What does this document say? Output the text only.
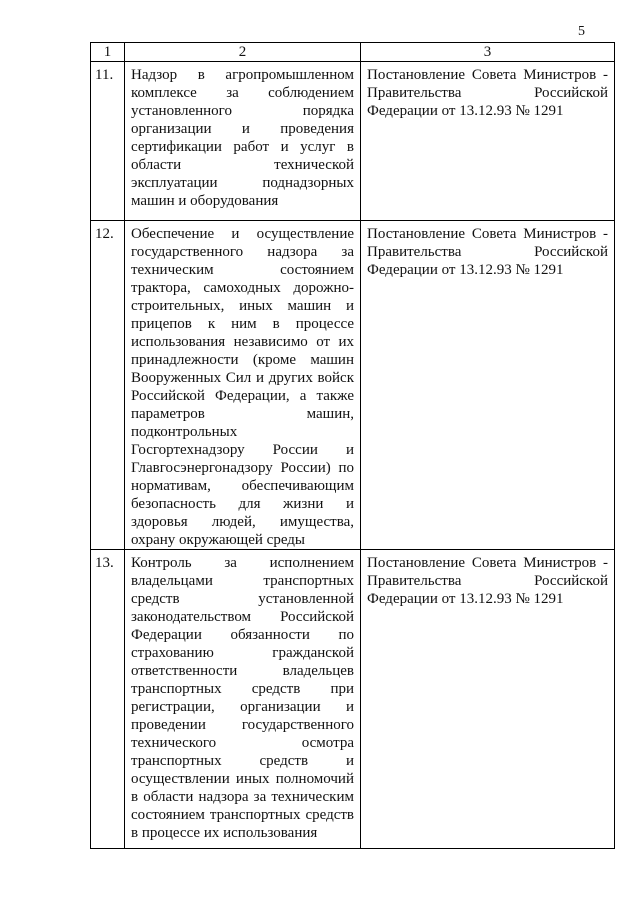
5
1	2	3
11.	Надзор в агропромышленном комплексе за соблюдением установленного порядка организации и проведения сертификации работ и услуг в области технической эксплуатации поднадзорных машин и оборудования	Постановление Совета Министров - Правительства Российской Федерации от 13.12.93 № 1291
12.	Обеспечение и осуществление государственного надзора за техническим состоянием трактора, самоходных дорожно-строительных, иных машин и прицепов к ним в процессе использования независимо от их принадлежности (кроме машин Вооруженных Сил и других войск Российской Федерации, а также параметров машин, подконтрольных Госгортехнадзору России и Главгосэнергонадзору России) по нормативам, обеспечивающим безопасность для жизни и здоровья людей, имущества, охрану окружающей среды	Постановление Совета Министров - Правительства Российской Федерации от 13.12.93 № 1291
13.	Контроль за исполнением владельцами транспортных средств установленной законодательством Российской Федерации обязанности по страхованию гражданской ответственности владельцев транспортных средств при регистрации, организации и проведении государственного технического осмотра транспортных средств и осуществлении иных полномочий в области надзора за техническим состоянием транспортных средств в процессе их использования	Постановление Совета Министров - Правительства Российской Федерации от 13.12.93 № 1291
